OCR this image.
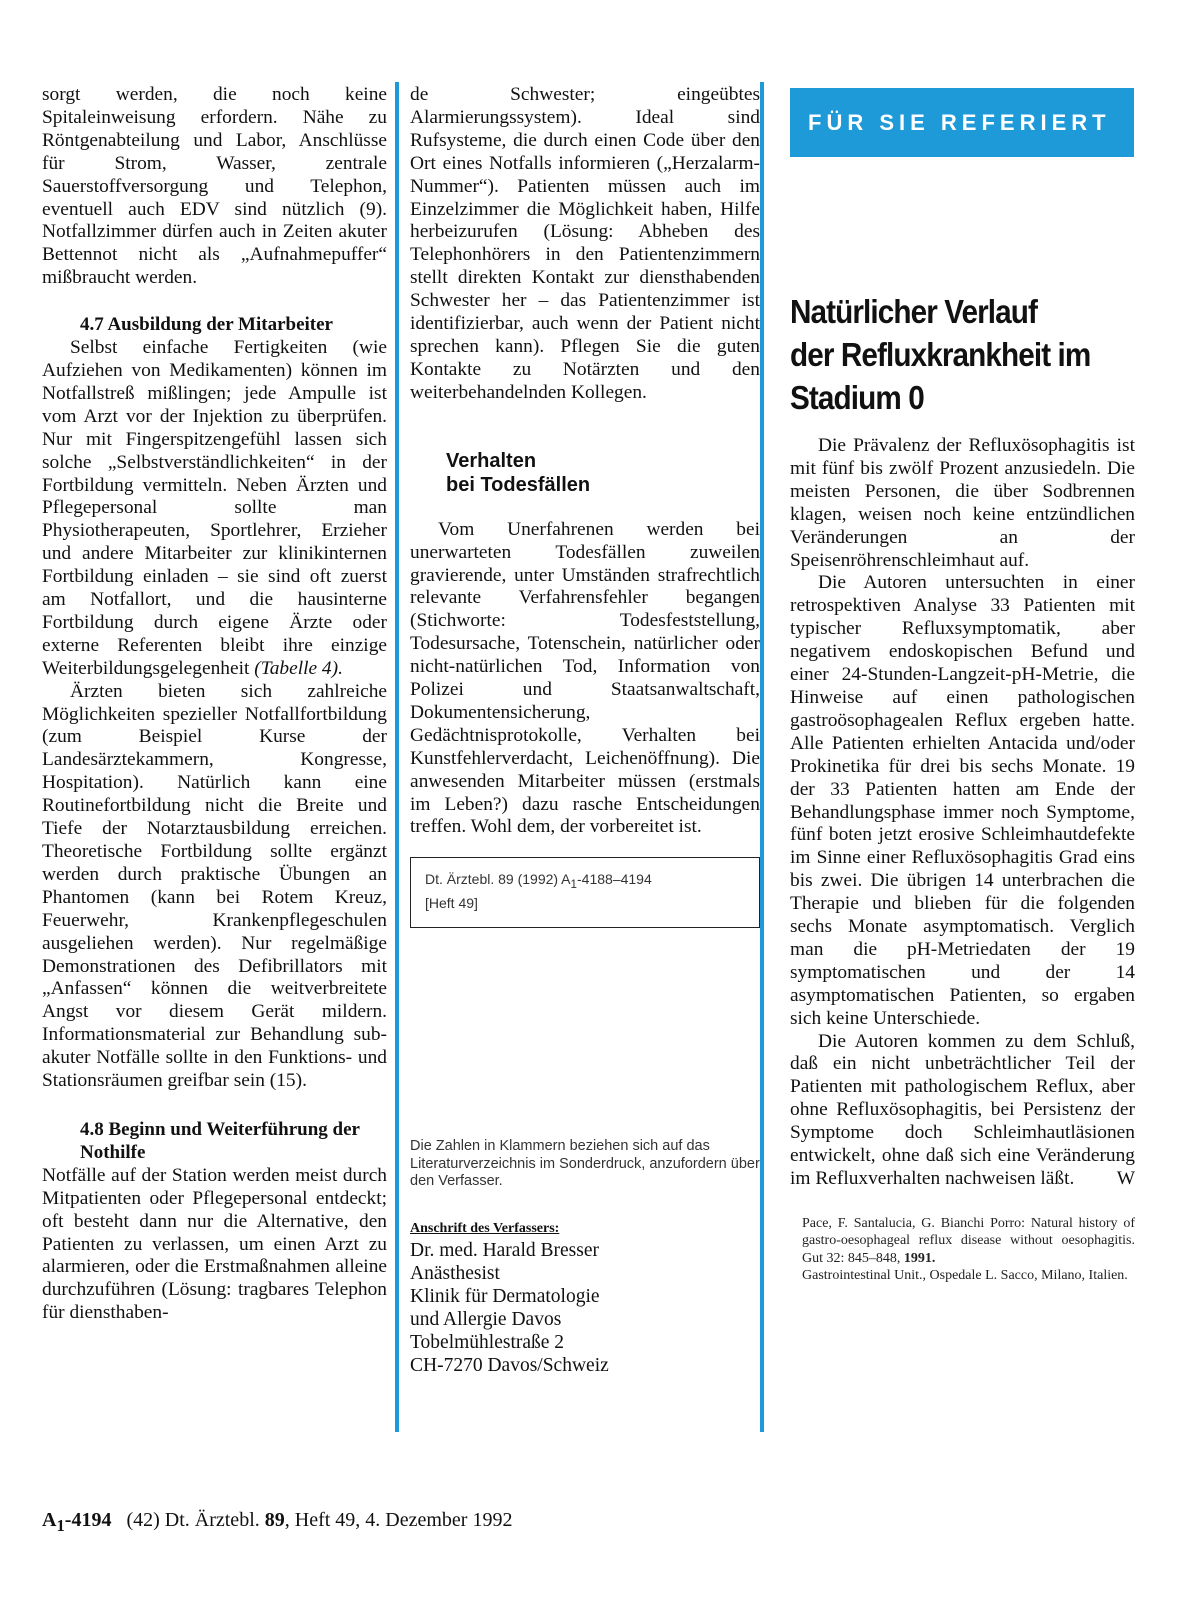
sorgt werden, die noch keine Spitaleinweisung erfordern. Nähe zu Röntgenabteilung und Labor, Anschlüsse für Strom, Wasser, zentrale Sauerstoffversorgung und Telephon, eventuell auch EDV sind nützlich (9). Notfallzimmer dürfen auch in Zeiten akuter Bettennot nicht als „Aufnahmepuffer“ mißbraucht werden.

4.7 Ausbildung der Mitarbeiter

Selbst einfache Fertigkeiten (wie Aufziehen von Medikamenten) können im Notfallstreß mißlingen; jede Ampulle ist vom Arzt vor der Injektion zu überprüfen. Nur mit Fingerspitzengefühl lassen sich solche „Selbstverständlichkeiten“ in der Fortbildung vermitteln. Neben Ärzten und Pflegepersonal sollte man Physiotherapeuten, Sportlehrer, Erzieher und andere Mitarbeiter zur klinikinternen Fortbildung einladen – sie sind oft zuerst am Notfallort, und die hausinterne Fortbildung durch eigene Ärzte oder externe Referenten bleibt ihre einzige Weiterbildungsgelegenheit (Tabelle 4).

Ärzten bieten sich zahlreiche Möglichkeiten spezieller Notfallfortbildung (zum Beispiel Kurse der Landesärztekammern, Kongresse, Hospitation). Natürlich kann eine Routinefortbildung nicht die Breite und Tiefe der Notarztausbildung erreichen. Theoretische Fortbildung sollte ergänzt werden durch praktische Übungen an Phantomen (kann bei Rotem Kreuz, Feuerwehr, Krankenpflegeschulen ausgeliehen werden). Nur regelmäßige Demonstrationen des Defibrillators mit „Anfassen“ können die weitverbreitete Angst vor diesem Gerät mildern. Informationsmaterial zur Behandlung sub-akuter Notfälle sollte in den Funktions- und Stationsräumen greifbar sein (15).

4.8 Beginn und Weiterführung der Nothilfe

Notfälle auf der Station werden meist durch Mitpatienten oder Pflegepersonal entdeckt; oft besteht dann nur die Alternative, den Patienten zu verlassen, um einen Arzt zu alarmieren, oder die Erstmaßnahmen alleine durchzuführen (Lösung: tragbares Telephon für diensthaben-

de Schwester; eingeübtes Alarmierungssystem). Ideal sind Rufsysteme, die durch einen Code über den Ort eines Notfalls informieren („Herzalarm-Nummer“). Patienten müssen auch im Einzelzimmer die Möglichkeit haben, Hilfe herbeizurufen (Lösung: Abheben des Telephonhörers in den Patientenzimmern stellt direkten Kontakt zur diensthabenden Schwester her – das Patientenzimmer ist identifizierbar, auch wenn der Patient nicht sprechen kann). Pflegen Sie die guten Kontakte zu Notärzten und den weiterbehandelnden Kollegen.

Verhalten
bei Todesfällen

Vom Unerfahrenen werden bei unerwarteten Todesfällen zuweilen gravierende, unter Umständen strafrechtlich relevante Verfahrensfehler begangen (Stichworte: Todesfeststellung, Todesursache, Totenschein, natürlicher oder nicht-natürlichen Tod, Information von Polizei und Staatsanwaltschaft, Dokumentensicherung, Gedächtnisprotokolle, Verhalten bei Kunstfehlerverdacht, Leichenöffnung). Die anwesenden Mitarbeiter müssen (erstmals im Leben?) dazu rasche Entscheidungen treffen. Wohl dem, der vorbereitet ist.

Dt. Ärztebl. 89 (1992) $A_1-4188-4194$
[Heft 49]
Die Zahlen in Klammern beziehen sich auf das Literaturverzeichnis im Sonderdruck, anzufordern über den Verfasser.
Anschrift des Verfassers:
Dr. med. Harald Bresser
Anästhesist
Klinik für Dermatologie
und Allergie Davos
Tobelmühlestraße 2
CH-7270 Davos/Schweiz
FÜR SIE REFERIERT
Natürlicher Verlauf
der Refluxkrankheit im
Stadium 0

Die Prävalenz der Refluxösophagitis ist mit fünf bis zwölf Prozent anzusiedeln. Die meisten Personen, die über Sodbrennen klagen, weisen noch keine entzündlichen Veränderungen an der Speisenröhrenschleimhaut auf.

Die Autoren untersuchten in einer retrospektiven Analyse 33 Patienten mit typischer Refluxsymptomatik, aber negativem endoskopischen Befund und einer 24-Stunden-Langzeit-pH-Metrie, die Hinweise auf einen pathologischen gastroösophagealen Reflux ergeben hatte. Alle Patienten erhielten Antacida und/oder Prokinetika für drei bis sechs Monate. 19 der 33 Patienten hatten am Ende der Behandlungsphase immer noch Symptome, fünf boten jetzt erosive Schleimhautdefekte im Sinne einer Refluxösophagitis Grad eins bis zwei. Die übrigen 14 unterbrachen die Therapie und blieben für die folgenden sechs Monate asymptomatisch. Verglich man die pH-Metriedaten der 19 symptomatischen und der 14 asymptomatischen Patienten, so ergaben sich keine Unterschiede.

Die Autoren kommen zu dem Schluß, daß ein nicht unbeträchtlicher Teil der Patienten mit pathologischem Reflux, aber ohne Refluxösophagitis, bei Persistenz der Symptome doch Schleimhautläsionen entwickelt, ohne daß sich eine Veränderung im Refluxverhalten nachweisen läßt.	W

Pace, F. Santalucia, G. Bianchi Porro: Natural history of gastro-oesophageal reflux disease without oesophagitis. Gut 32: 845–848, 1991.
Gastrointestinal Unit., Ospedale L. Sacco, Milano, Italien.
$A_1-4194$ (42) Dt. Ärztebl. 89, Heft 49, 4. Dezember 1992
